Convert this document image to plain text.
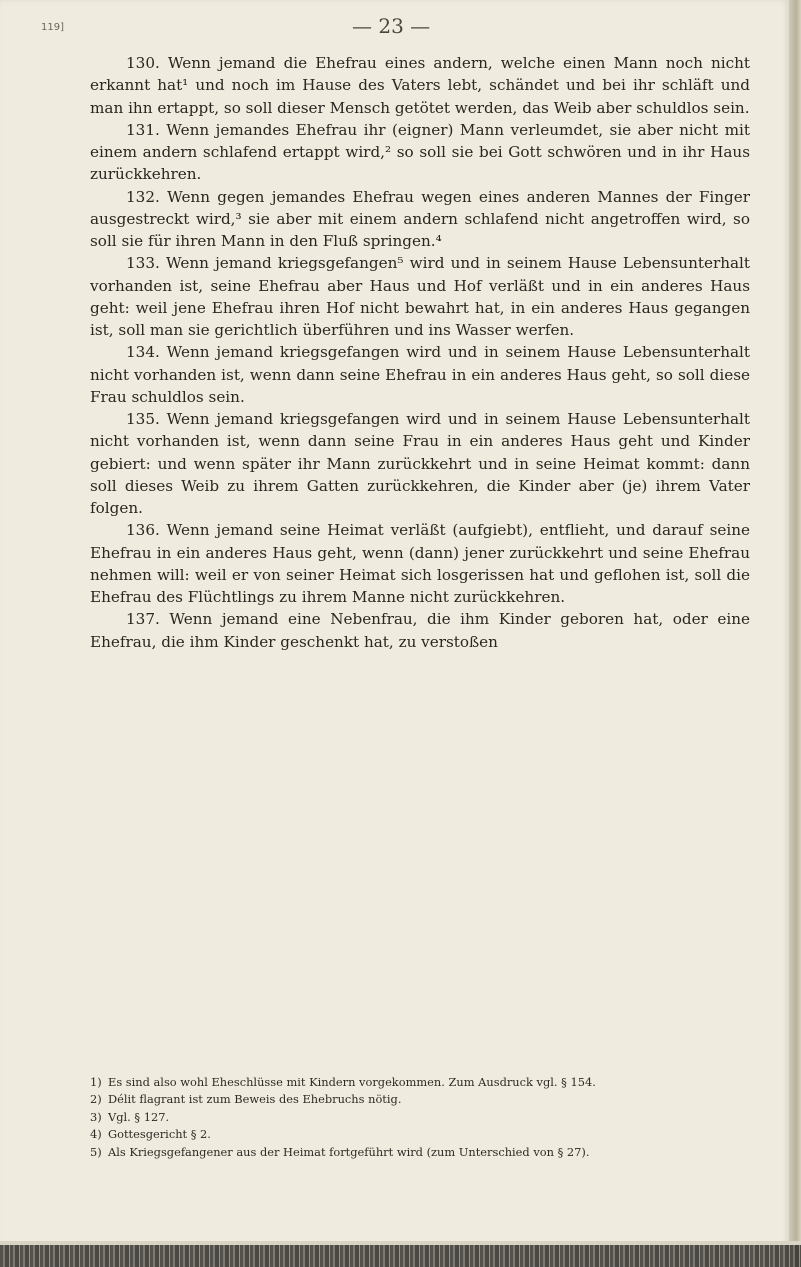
119]	— 23 —

130. Wenn jemand die Ehefrau eines andern, welche einen Mann noch nicht erkannt hat¹ und noch im Hause des Vaters lebt, schändet und bei ihr schläft und man ihn ertappt, so soll dieser Mensch getötet werden, das Weib aber schuldlos sein.

131. Wenn jemandes Ehefrau ihr (eigner) Mann verleumdet, sie aber nicht mit einem andern schlafend ertappt wird,² so soll sie bei Gott schwören und in ihr Haus zurückkehren.

132. Wenn gegen jemandes Ehefrau wegen eines anderen Mannes der Finger ausgestreckt wird,³ sie aber mit einem andern schlafend nicht angetroffen wird, so soll sie für ihren Mann in den Fluß springen.⁴

133. Wenn jemand kriegsgefangen⁵ wird und in seinem Hause Lebensunterhalt vorhanden ist, seine Ehefrau aber Haus und Hof verläßt und in ein anderes Haus geht: weil jene Ehefrau ihren Hof nicht bewahrt hat, in ein anderes Haus gegangen ist, soll man sie gerichtlich überführen und ins Wasser werfen.

134. Wenn jemand kriegsgefangen wird und in seinem Hause Lebensunterhalt nicht vorhanden ist, wenn dann seine Ehefrau in ein anderes Haus geht, so soll diese Frau schuldlos sein.

135. Wenn jemand kriegsgefangen wird und in seinem Hause Lebensunterhalt nicht vorhanden ist, wenn dann seine Frau in ein anderes Haus geht und Kinder gebiert: und wenn später ihr Mann zurückkehrt und in seine Heimat kommt: dann soll dieses Weib zu ihrem Gatten zurückkehren, die Kinder aber (je) ihrem Vater folgen.

136. Wenn jemand seine Heimat verläßt (aufgiebt), entflieht, und darauf seine Ehefrau in ein anderes Haus geht, wenn (dann) jener zurückkehrt und seine Ehefrau nehmen will: weil er von seiner Heimat sich losgerissen hat und geflohen ist, soll die Ehefrau des Flüchtlings zu ihrem Manne nicht zurückkehren.

137. Wenn jemand eine Nebenfrau, die ihm Kinder geboren hat, oder eine Ehefrau, die ihm Kinder geschenkt hat, zu verstoßen

1) Es sind also wohl Eheschlüsse mit Kindern vorgekommen. Zum Ausdruck vgl. § 154.

2) Délit flagrant ist zum Beweis des Ehebruchs nötig.

3) Vgl. § 127.

4) Gottesgericht § 2.

5) Als Kriegsgefangener aus der Heimat fortgeführt wird (zum Unterschied von § 27).
